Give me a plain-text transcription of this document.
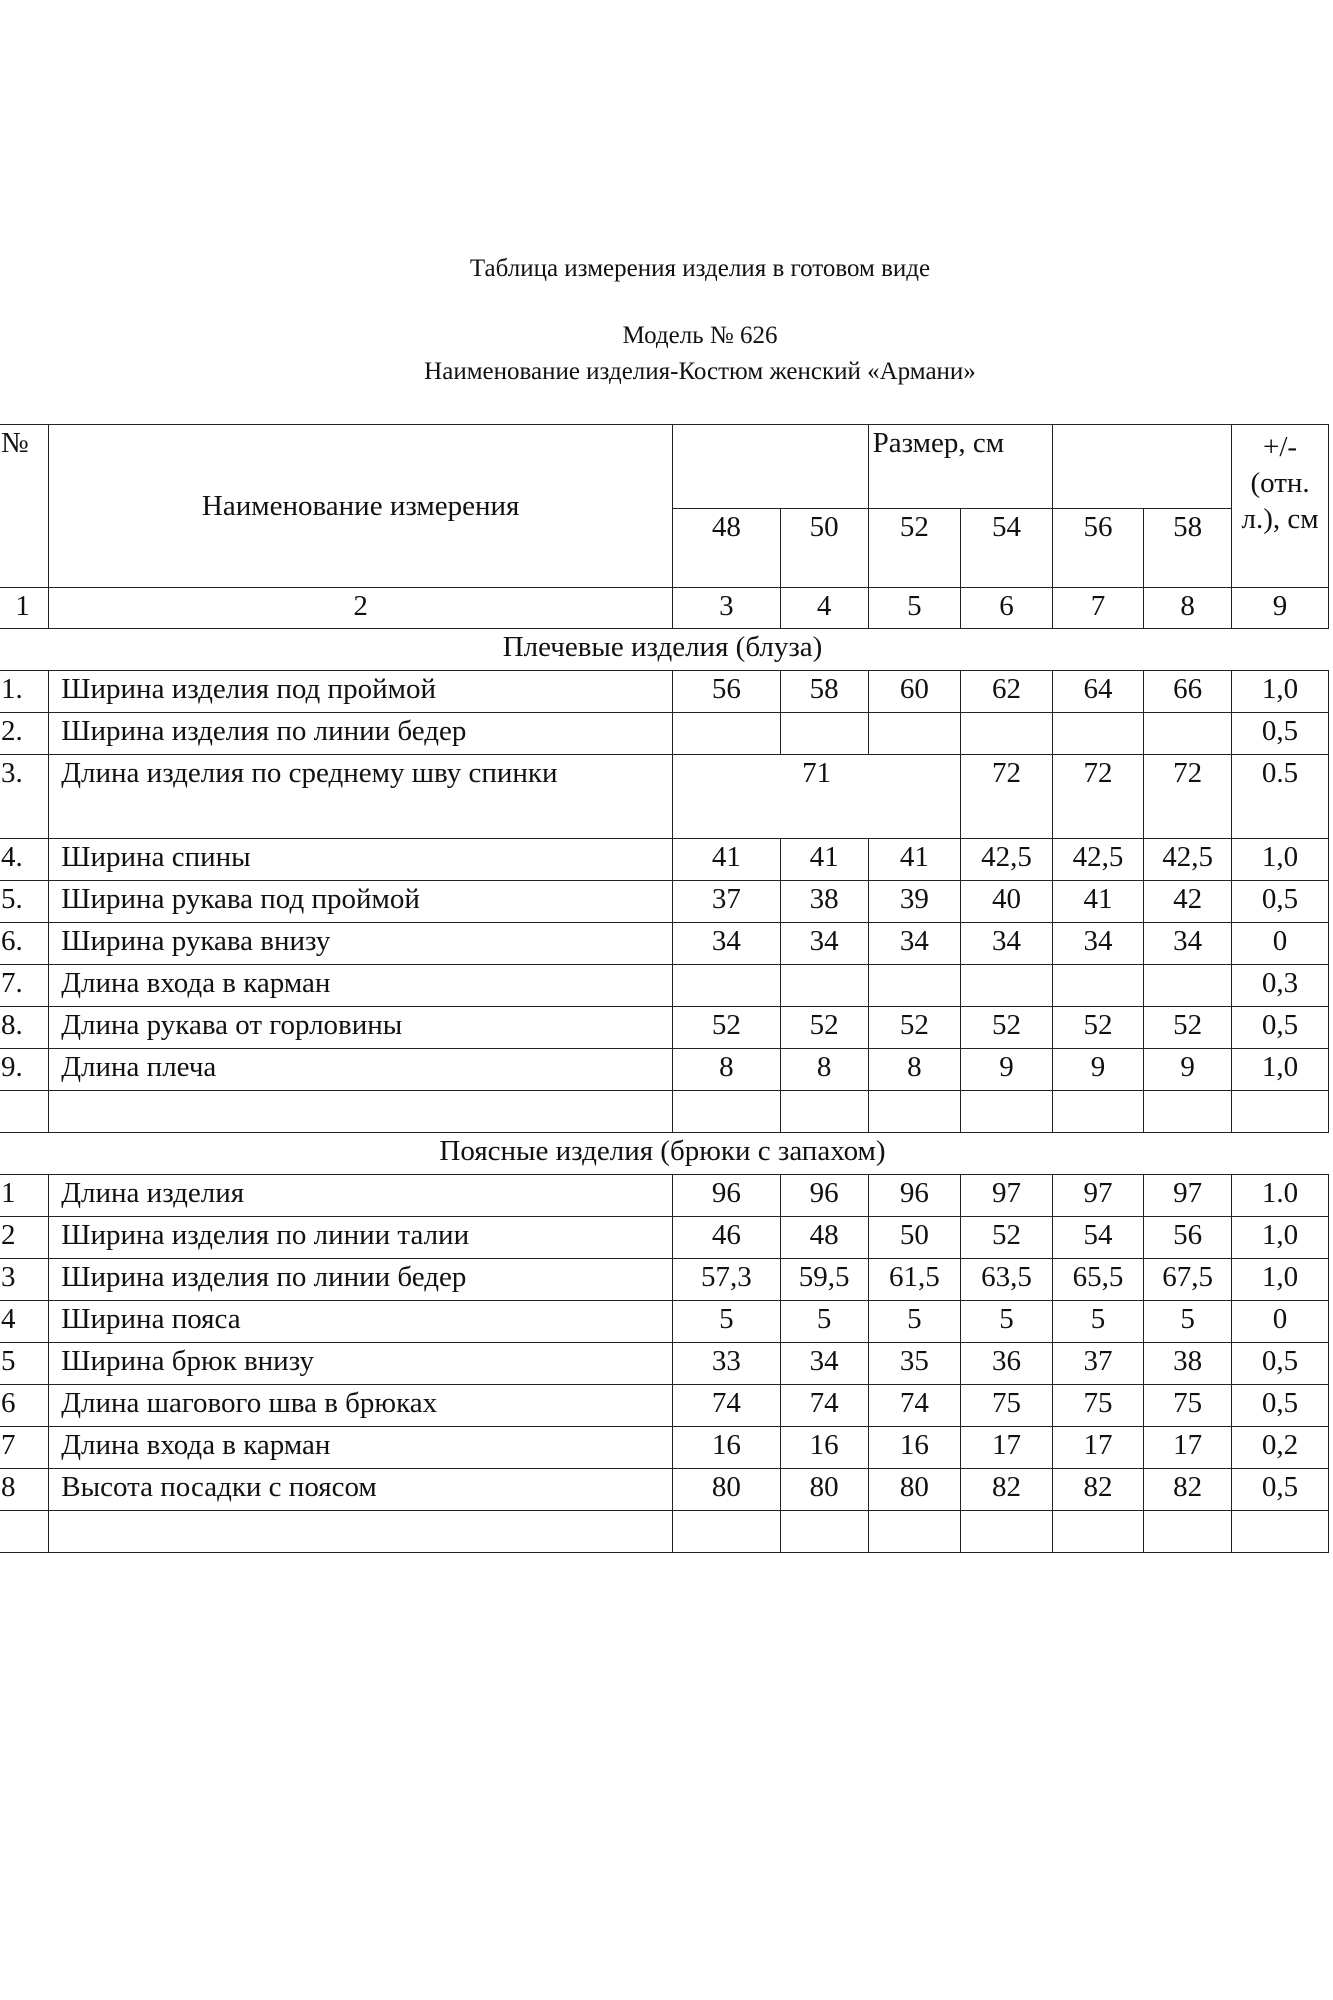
Таблица измерения изделия в готовом виде
Модель № 626
Наименование изделия-Костюм женский «Армани»
№	Наименование измерения			Размер, см				+/- (отн. л.), см
		48	50	52	54	56	58	
1	2	3	4	5	6	7	8	9
Плечевые изделия (блуза)								
1.	Ширина изделия под проймой	56	58	60	62	64	66	1,0
2.	Ширина изделия по линии бедер							0,5
3.	Длина изделия по среднему шву спинки	71			72	72	72	0.5
4.	Ширина спины	41	41	41	42,5	42,5	42,5	1,0
5.	Ширина рукава под проймой	37	38	39	40	41	42	0,5
6.	Ширина рукава внизу	34	34	34	34	34	34	0
7.	Длина входа в карман							0,3
8.	Длина рукава от горловины	52	52	52	52	52	52	0,5
9.	Длина плеча	8	8	8	9	9	9	1,0

Поясные изделия (брюки с запахом)								
1	Длина изделия	96	96	96	97	97	97	1.0
2	Ширина изделия по линии талии	46	48	50	52	54	56	1,0
3	Ширина изделия по линии бедер	57,3	59,5	61,5	63,5	65,5	67,5	1,0
4	Ширина пояса	5	5	5	5	5	5	0
5	Ширина брюк внизу	33	34	35	36	37	38	0,5
6	Длина шагового шва в брюках	74	74	74	75	75	75	0,5
7	Длина входа в карман	16	16	16	17	17	17	0,2
8	Высота посадки с поясом	80	80	80	82	82	82	0,5
